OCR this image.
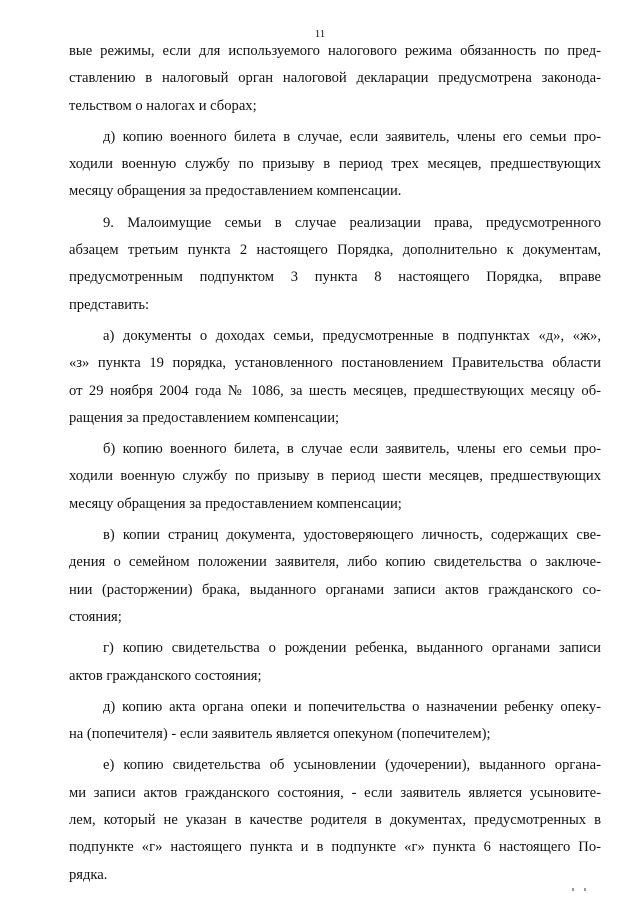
11
вые режимы, если для используемого налогового режима обязанность по пред-
ставлению в налоговый орган налоговой декларации предусмотрена законода-
тельством о налогах и сборах;
д) копию военного билета в случае, если заявитель, члены его семьи про-
ходили военную службу по призыву в период трех месяцев, предшествующих
месяцу обращения за предоставлением компенсации.
9. Малоимущие семьи в случае реализации права, предусмотренного
абзацем третьим пункта 2 настоящего Порядка, дополнительно к документам,
предусмотренным подпунктом 3 пункта 8 настоящего Порядка, вправе
представить:
а) документы о доходах семьи, предусмотренные в подпунктах «д», «ж»,
«з» пункта 19 порядка, установленного постановлением Правительства области
от 29 ноября 2004 года № 1086, за шесть месяцев, предшествующих месяцу об-
ращения за предоставлением компенсации;
б) копию военного билета, в случае если заявитель, члены его семьи про-
ходили военную службу по призыву в период шести месяцев, предшествующих
месяцу обращения за предоставлением компенсации;
в) копии страниц документа, удостоверяющего личность, содержащих све-
дения о семейном положении заявителя, либо копию свидетельства о заключе-
нии (расторжении) брака, выданного органами записи актов гражданского со-
стояния;
г) копию свидетельства о рождении ребенка, выданного органами записи
актов гражданского состояния;
д) копию акта органа опеки и попечительства о назначении ребенку опеку-
на (попечителя) - если заявитель является опекуном (попечителем);
е) копию свидетельства об усыновлении (удочерении), выданного органа-
ми записи актов гражданского состояния, - если заявитель является усыновите-
лем, который не указан в качестве родителя в документах, предусмотренных в
подпункте «г» настоящего пункта и в подпункте «г» пункта 6 настоящего По-
рядка.
